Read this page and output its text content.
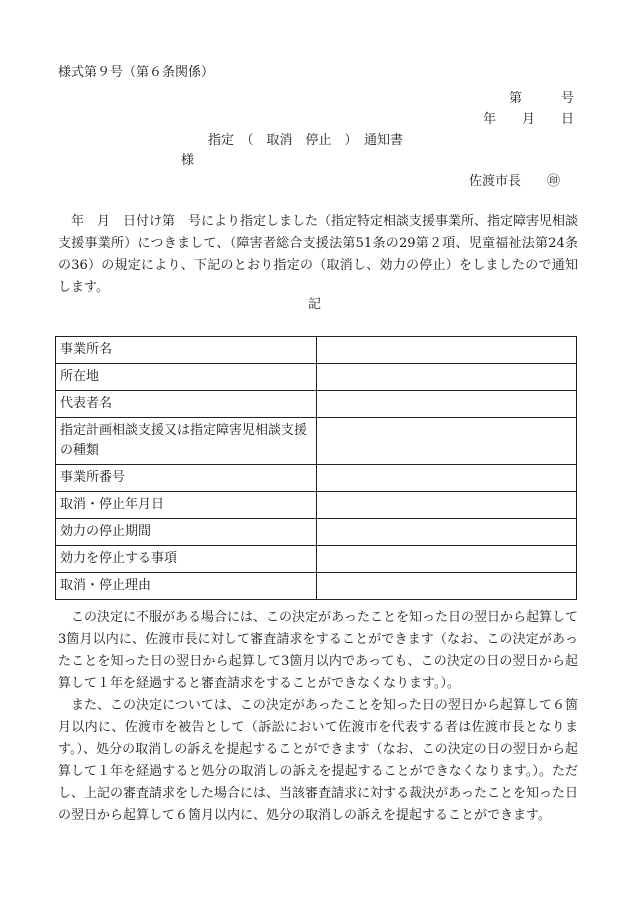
様式第９号（第６条関係）
第　　　号
年　　月　　日
指定　（　取消　停止　）　通知書
様
佐渡市長　　㊞

年　月　日付け第　号により指定しました（指定特定相談支援事業所、指定障害児相談支援事業所）につきまして、（障害者総合支援法第51条の29第２項、児童福祉法第24条の36）の規定により、下記のとおり指定の（取消し、効力の停止）をしましたので通知します。

記
事業所名	
所在地	
代表者名	
指定計画相談支援又は指定障害児相談支援の種類	
事業所番号	
取消・停止年月日	
効力の停止期間	
効力を停止する事項	
取消・停止理由	

この決定に不服がある場合には、この決定があったことを知った日の翌日から起算して3箇月以内に、佐渡市長に対して審査請求をすることができます（なお、この決定があったことを知った日の翌日から起算して3箇月以内であっても、この決定の日の翌日から起算して１年を経過すると審査請求をすることができなくなります。）。

また、この決定については、この決定があったことを知った日の翌日から起算して６箇月以内に、佐渡市を被告として（訴訟において佐渡市を代表する者は佐渡市長となります。）、処分の取消しの訴えを提起することができます（なお、この決定の日の翌日から起算して１年を経過すると処分の取消しの訴えを提起することができなくなります。）。ただし、上記の審査請求をした場合には、当該審査請求に対する裁決があったことを知った日の翌日から起算して６箇月以内に、処分の取消しの訴えを提起することができます。
